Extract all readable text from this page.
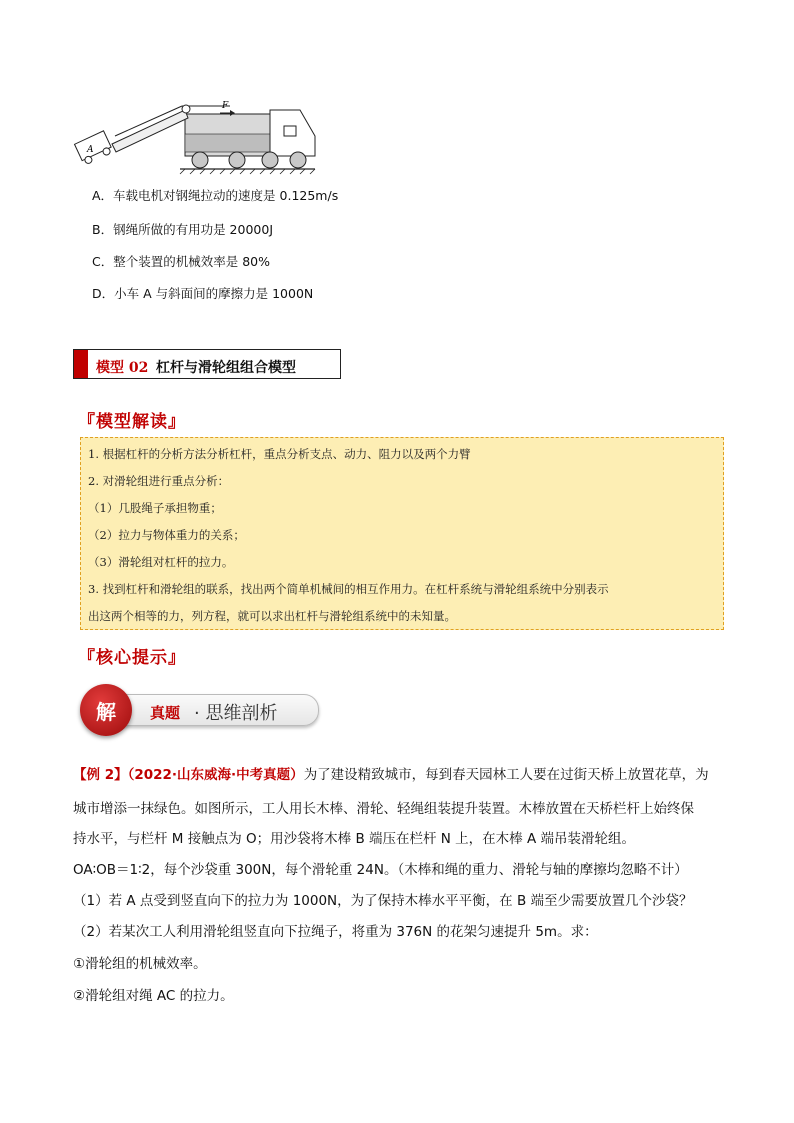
F
A
A．车载电机对钢绳拉动的速度是 0.125m/s
B．钢绳所做的有用功是 20000J
C．整个装置的机械效率是 80%
D．小车 A 与斜面间的摩擦力是 1000N
模型 02 杠杆与滑轮组组合模型
『模型解读』
1. 根据杠杆的分析方法分析杠杆，重点分析支点、动力、阻力以及两个力臂
2. 对滑轮组进行重点分析：
（1）几股绳子承担物重；
（2）拉力与物体重力的关系；
（3）滑轮组对杠杆的拉力。
3. 找到杠杆和滑轮组的联系，找出两个简单机械间的相互作用力。在杠杆系统与滑轮组系统中分别表示
出这两个相等的力，列方程，就可以求出杠杆与滑轮组系统中的未知量。
『核心提示』
解	真题 · 思维剖析
【例 2】（2022·山东威海·中考真题）为了建设精致城市，每到春天园林工人要在过街天桥上放置花草，为
城市增添一抹绿色。如图所示，工人用长木棒、滑轮、轻绳组装提升装置。木棒放置在天桥栏杆上始终保
持水平，与栏杆 M 接触点为 O；用沙袋将木棒 B 端压在栏杆 N 上，在木棒 A 端吊装滑轮组。
OA∶OB＝1∶2，每个沙袋重 300N，每个滑轮重 24N。（木棒和绳的重力、滑轮与轴的摩擦均忽略不计）
（1）若 A 点受到竖直向下的拉力为 1000N，为了保持木棒水平平衡，在 B 端至少需要放置几个沙袋？
（2）若某次工人利用滑轮组竖直向下拉绳子，将重为 376N 的花架匀速提升 5m。求：
①滑轮组的机械效率。
②滑轮组对绳 AC 的拉力。
